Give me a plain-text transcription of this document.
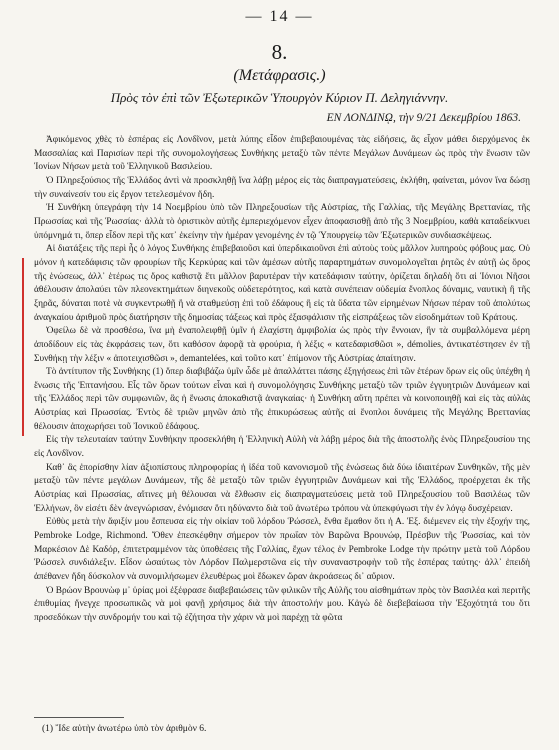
— 14 —
8.
(Μετάφρασις.)
Πρὸς τὸν ἐπὶ τῶν Ἐξωτερικῶν Ὑπουργὸν Κύριον Π. Δεληγιάννην.
ΕΝ ΛΟΝΔΙΝῼ, τὴν 9/21 Δεκεμβρίου 1863.

Ἀφικόμενος χθὲς τὸ ἑσπέρας εἰς Λονδῖνον, μετὰ λύπης εἶδον ἐπιβεβαιουμένας τὰς εἰδήσεις, ἃς εἶχον μάθει διερχόμενος ἐκ Μασσαλίας καὶ Παρισίων περὶ τῆς συνομολογήσεως Συνθήκης μεταξὺ τῶν πέντε Μεγάλων Δυνάμεων ὡς πρὸς τὴν ἕνωσιν τῶν Ἰονίων Νήσων μετὰ τοῦ Ἑλληνικοῦ Βασιλείου.

Ὁ Πληρεξούσιος τῆς Ἑλλάδος ἀντὶ νὰ προσκληθῇ ἵνα λάβῃ μέρος εἰς τὰς διαπραγματεύσεις, ἐκλήθη, φαίνεται, μόνον ἵνα δώσῃ τὴν συναίνεσίν του εἰς ἔργον τετελεσμένον ἤδη.

Ἡ Συνθήκη ὑπεγράφη τὴν 14 Νοεμβρίου ὑπὸ τῶν Πληρεξουσίων τῆς Αὐστρίας, τῆς Γαλλίας, τῆς Μεγάλης Βρεττανίας, τῆς Πρωσσίας καὶ τῆς Ῥωσσίας· ἀλλὰ τὸ ὁριστικὸν αὐτῆς ἐμπεριεχόμενον εἶχεν ἀποφασισθῇ ἀπὸ τῆς 3 Νοεμβρίου, καθὰ καταδείκνυει ὑπόμνημά τι, ὅπερ εἶδον περὶ τῆς κατ᾽ ἐκείνην τὴν ἡμέραν γενομένης ἐν τῷ Ὑπουργείῳ τῶν Ἐξωτερικῶν συνδιασκέψεως.

Αἱ διατάξεις τῆς περὶ ἧς ὁ λόγος Συνθήκης ἐπιβεβαιοῦσι καὶ ὑπερδικαιοῦνσι ἐπὶ αὐτοὺς τοὺς μᾶλλον λυπηροὺς φόβους μας. Οὐ μόνον ἡ κατεδάφισις τῶν φρουρίων τῆς Κερκύρας καὶ τῶν ἀμέσων αὐτῆς παραρτημάτων συνομολογεῖται ῥητῶς ἐν αὐτῇ ὡς ὅρος τῆς ἑνώσεως, ἀλλ᾽ ἑτέρως τις ὅρος καθιστᾷ ἔτι μᾶλλον βαρυτέραν τὴν κατεδάφισιν ταύτην, ὁρίζεται δηλαδὴ ὅτι αἱ Ἰόνιοι Νῆσοι ἀθέλουσιν ἀπολαύει τῶν πλεονεκτημάτων διηνεκοῦς οὐδετερότητος, καὶ κατὰ συνέπειαν οὐδεμία ἔνοπλος δύναμις, ναυτικὴ ἢ τῆς ξηρᾶς, δύναται ποτὲ νὰ συγκεντρωθῇ ἢ νὰ σταθμεύσῃ ἐπὶ τοῦ ἐδάφους ἢ εἰς τὰ ὕδατα τῶν εἰρημένων Νήσων πέραν τοῦ ἀπολύτως ἀναγκαίου ἀριθμοῦ πρὸς διατήρησιν τῆς δημοσίας τάξεως καὶ πρὸς ἐξασφάλισιν τῆς εἰσπράξεως τῶν εἰσοδημάτων τοῦ Κράτους.

Ὀφείλω δὲ νὰ προσθέσω, ἵνα μὴ ἐναπολειφθῇ ὑμῖν ἡ ἐλαχίστη ἀμφιβολία ὡς πρὸς τὴν ἔννοιαν, ἣν τὰ συμβαλλόμενα μέρη ἀποδίδουν εἰς τὰς ἐκφράσεις των, ὅτι καθόσον ἀφορᾷ τὰ φρούρια, ἡ λέξις « κατεδαφισθῶσι », démolies, ἀντικατέστησεν ἐν τῇ Συνθήκῃ τὴν λέξιν « ἀποτειχισθῶσι », demantelées, καὶ τοῦτο κατ᾽ ἐπίμονον τῆς Αὐστρίας ἀπαίτησιν.

Τὸ ἀντίτυπον τῆς Συνθήκης (1) ὅπερ διαβιβάζω ὑμῖν ὧδε μὲ ἀπαλλάττει πάσης ἐξηγήσεως ἐπὶ τῶν ἑτέρων ὅρων εἰς οὓς ὑπέχθη ἡ ἕνωσις τῆς Ἑπτανήσου. Εἷς τῶν ὅρων τούτων εἶναι καὶ ἡ συνομολόγησις Συνθήκης μεταξὺ τῶν τριῶν ἐγγυητριῶν Δυνάμεων καὶ τῆς Ἑλλάδος περὶ τῶν συμφωνιῶν, ἃς ἡ ἕνωσις ἀποκαθιστᾷ ἀναγκαίας· ἡ Συνθήκη αὕτη πρέπει νὰ κοινοποιηθῇ καὶ εἰς τὰς αὐλὰς Αὐστρίας καὶ Πρωσσίας. Ἐντὸς δὲ τριῶν μηνῶν ἀπὸ τῆς ἐπικυρώσεως αὐτῆς αἱ ἔνοπλοι δυνάμεις τῆς Μεγάλης Βρεττανίας θέλουσιν ἀποχωρήσει τοῦ Ἰονικοῦ ἐδάφους.

Εἰς τὴν τελευταίαν ταύτην Συνθήκην προσεκλήθη ἡ Ἑλληνικὴ Αὐλὴ νὰ λάβῃ μέρος διὰ τῆς ἀποστολῆς ἑνὸς Πληρεξουσίου της εἰς Λονδῖνον.

Καθ᾽ ἃς ἐπορίσθην λίαν ἀξιοπίστους πληροφορίας ἡ ἰδέα τοῦ κανονισμοῦ τῆς ἑνώσεως διὰ δύω ἰδιαιτέρων Συνθηκῶν, τῆς μὲν μεταξὺ τῶν πέντε μεγάλων Δυνάμεων, τῆς δὲ μεταξὺ τῶν τριῶν ἐγγυητριῶν Δυνάμεων καὶ τῆς Ἑλλάδος, προέρχεται ἐκ τῆς Αὐστρίας καὶ Πρωσσίας, αἵτινες μὴ θέλουσαι νὰ ἔλθωσιν εἰς διαπραγματεύσεις μετὰ τοῦ Πληρεξουσίου τοῦ Βασιλέως τῶν Ἑλλήνων, ὃν εἰσέτι δὲν ἀνεγνώρισαν, ἐνόμισαν ὅτι ηδύναντο διὰ τοῦ ἀνωτέρω τρόπου νὰ ὑπεκφύγωσι τὴν ἐν λόγῳ δυσχέρειαν.

Εὐθὺς μετὰ τὴν ἄφιξίν μου ἔσπευσα εἰς τὴν οἰκίαν τοῦ λόρδου Ῥώσσελ, ἔνθα ἔμαθον ὅτι ἡ Α. Ἐξ. διέμενεν εἰς τὴν ἐξοχήν της, Pembroke Lodge, Richmond. Ὅθεν ἐπεσκέφθην σήμερον τὸν πρωΐαν τὸν Βαρῶνα Βρουνώφ, Πρέσβυν τῆς Ῥωσσίας, καὶ τὸν Μαρκέσιον Δὲ Καδόρ, ἐπιτετραμμένον τὰς ὑποθέσεις τῆς Γαλλίας, ἔχων τέλος ἐν Pembroke Lodge τὴν πρώτην μετὰ τοῦ Λόρδου Ῥώσσελ συνδιάλεξιν. Εἶδον ὡσαύτως τὸν Λόρδον Παλμερστῶνα εἰς τὴν συναναστροφὴν τοῦ τῆς ἑσπέρας ταύτης· ἀλλ᾽ ἐπειδὴ ἀπέθανεν ἤδη δύσκολον νὰ συνομιλήσωμεν ἐλευθέρως μοὶ ἔδωκεν ὥραν ἀκροάσεως δι᾽ αὔριον.

Ὁ Βρώον Βρουνὼφ μ᾽ ὑρίας μοὶ ἐξέφρασε διαβεβαιώσεις τῶν φιλικῶν τῆς Αὐλῆς του αἰσθημάτων πρὸς τὸν Βασιλέα καὶ περιτῆς ἐπιθυμίας ἤνεγχε προσωπικῶς νὰ μοὶ φανῇ χρήσιμος διὰ τὴν ἀποστολήν μου. Κἀγὼ δὲ διεβεβαίωσα τὴν Ἐξοχότητά του ὅτι προσεδόκων τὴν συνδρομήν του καὶ τῷ ἐζήτησα τὴν χάριν νὰ μοὶ παρέχῃ τὰ φῶτα

(1) Ἴδε αὐτὴν ἀνωτέρω ὑπὸ τὸν ἀριθμὸν 6.
